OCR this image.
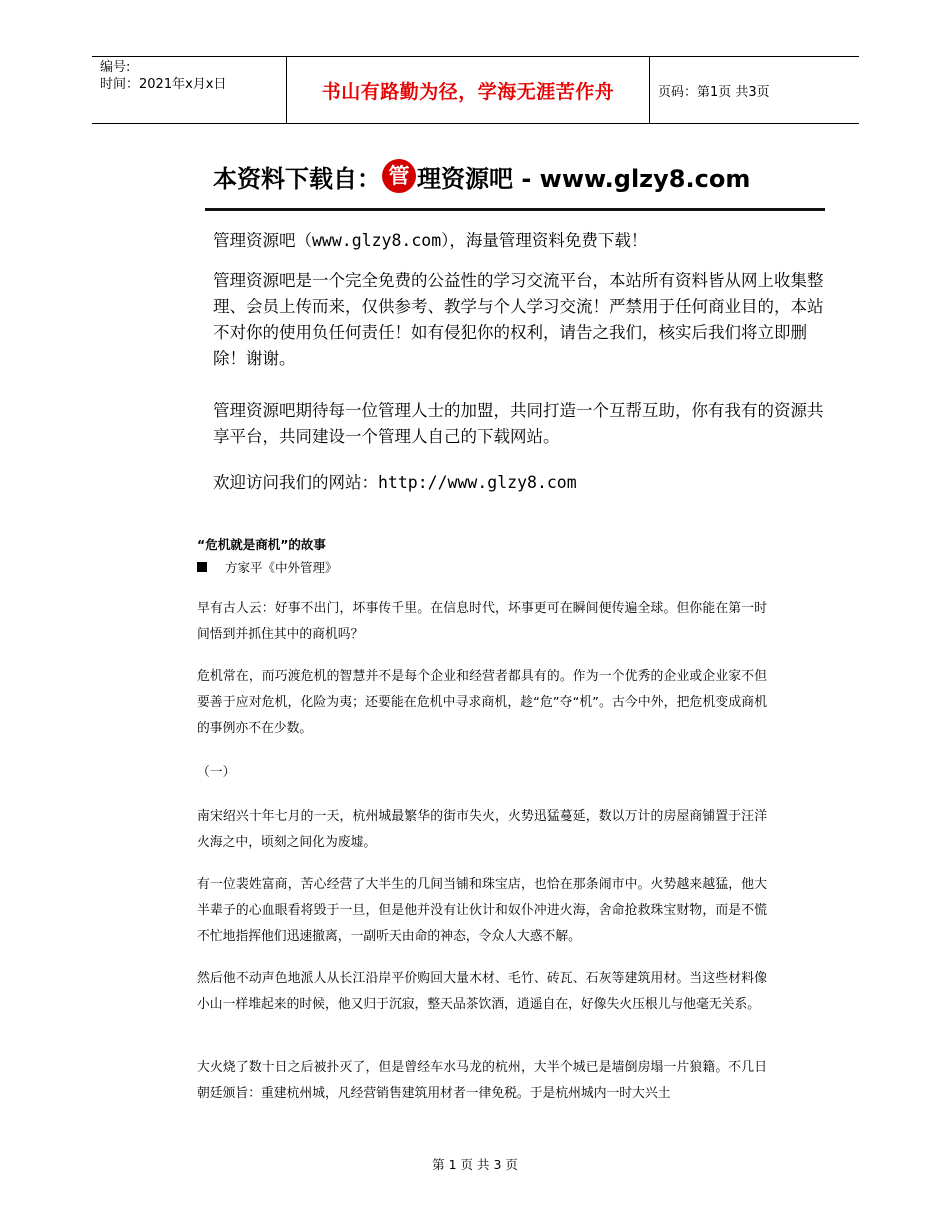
编号:
时间：2021年x月x日	书山有路勤为径，学海无涯苦作舟	页码：第1页 共3页
本资料下载自： 管 理资源吧 - www.glzy8.com
管理资源吧（www.glzy8.com），海量管理资料免费下载！
管理资源吧是一个完全免费的公益性的学习交流平台，本站所有资料皆从网上收集整理、会员上传而来，仅供参考、教学与个人学习交流！严禁用于任何商业目的，本站不对你的使用负任何责任！如有侵犯你的权利，请告之我们，核实后我们将立即删除！谢谢。
管理资源吧期待每一位管理人士的加盟，共同打造一个互帮互助，你有我有的资源共享平台，共同建设一个管理人自己的下载网站。
欢迎访问我们的网站：http://www.glzy8.com
“危机就是商机”的故事
方家平《中外管理》
早有古人云：好事不出门，坏事传千里。在信息时代，坏事更可在瞬间便传遍全球。但你能在第一时间悟到并抓住其中的商机吗？
危机常在，而巧渡危机的智慧并不是每个企业和经营者都具有的。作为一个优秀的企业或企业家不但要善于应对危机，化险为夷；还要能在危机中寻求商机，趁“危”夺“机”。古今中外，把危机变成商机的事例亦不在少数。
（一）
南宋绍兴十年七月的一天，杭州城最繁华的街市失火，火势迅猛蔓延，数以万计的房屋商铺置于汪洋火海之中，顷刻之间化为废墟。
有一位裴姓富商，苦心经营了大半生的几间当铺和珠宝店，也恰在那条闹市中。火势越来越猛，他大半辈子的心血眼看将毁于一旦，但是他并没有让伙计和奴仆冲进火海，舍命抢救珠宝财物，而是不慌不忙地指挥他们迅速撤离，一副听天由命的神态，令众人大惑不解。
然后他不动声色地派人从长江沿岸平价购回大量木材、毛竹、砖瓦、石灰等建筑用材。当这些材料像小山一样堆起来的时候，他又归于沉寂，整天品茶饮酒，逍遥自在，好像失火压根儿与他毫无关系。
大火烧了数十日之后被扑灭了，但是曾经车水马龙的杭州，大半个城已是墙倒房塌一片狼籍。不几日朝廷颁旨：重建杭州城，凡经营销售建筑用材者一律免税。于是杭州城内一时大兴土
第 1 页 共 3 页
